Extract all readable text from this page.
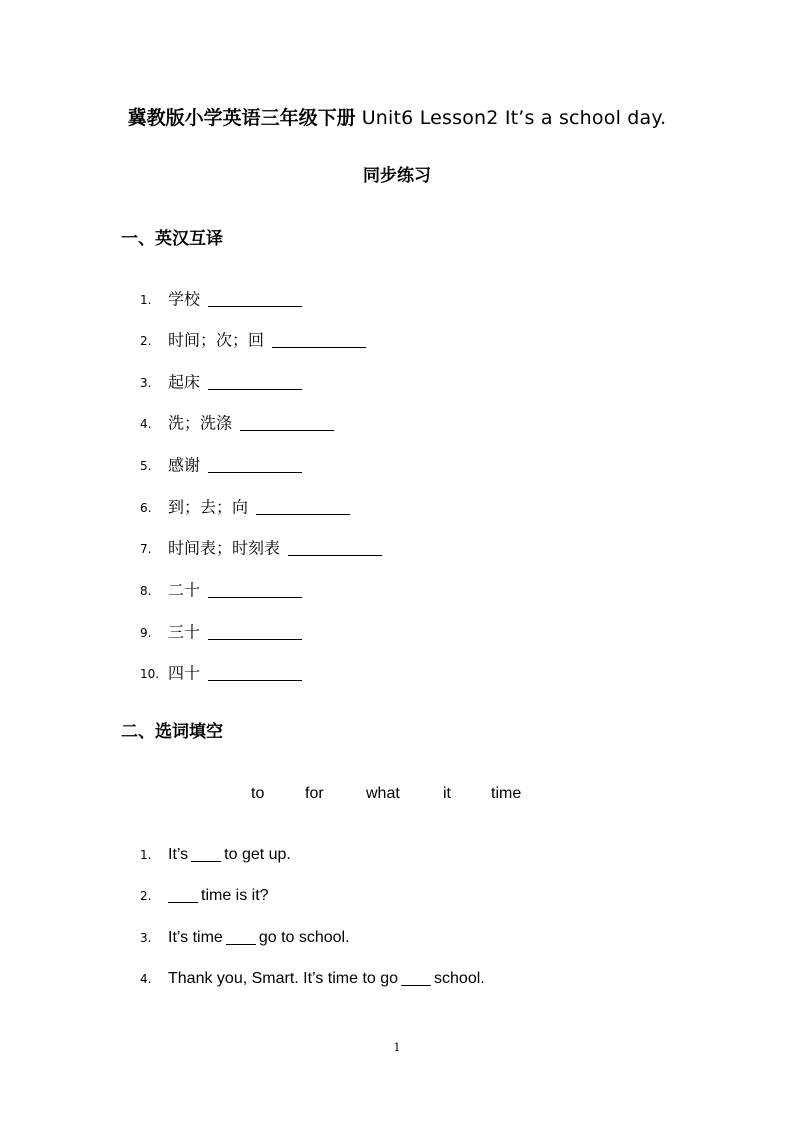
冀教版小学英语三年级下册 Unit6 Lesson2 It’s a school day.
同步练习
一、英汉互译
1. 学校
2. 时间；次；回
3. 起床
4. 洗；洗涤
5. 感谢
6. 到；去；向
7. 时间表；时刻表
8. 二十
9. 三十
10. 四十
二、选词填空
to	for	what	it	time
1. It’s to get up.
2.	time is it?
3. It’s time go to school.
4. Thank you, Smart. It’s time to go school.
1
